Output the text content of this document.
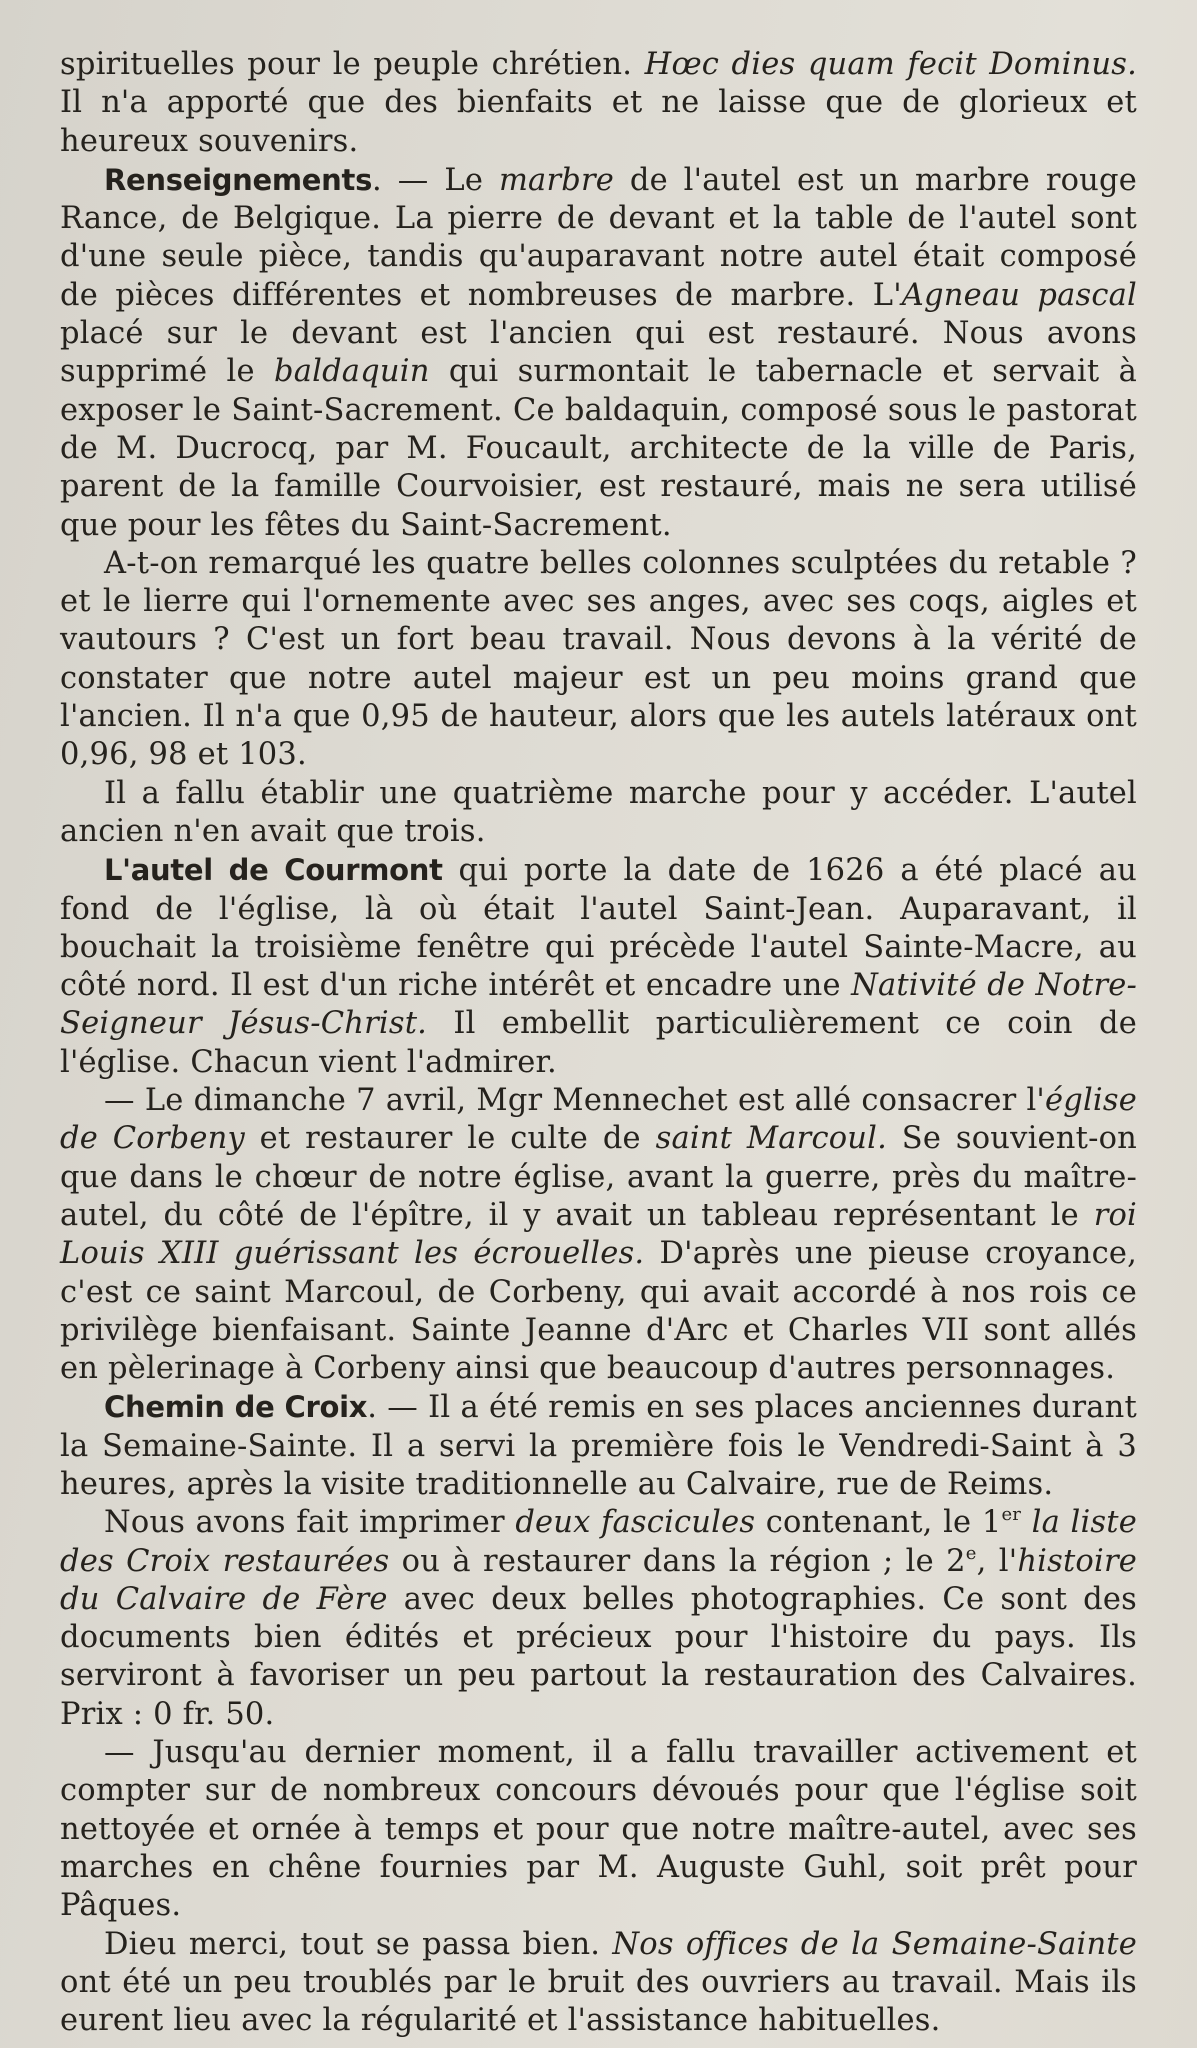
spirituelles pour le peuple chrétien. Hœc dies quam fecit Dominus. Il n'a apporté que des bienfaits et ne laisse que de glorieux et heureux souvenirs.

Renseignements. — Le marbre de l'autel est un marbre rouge Rance, de Belgique. La pierre de devant et la table de l'autel sont d'une seule pièce, tandis qu'auparavant notre autel était composé de pièces différentes et nombreuses de marbre. L'Agneau pascal placé sur le devant est l'ancien qui est restauré. Nous avons supprimé le baldaquin qui surmontait le tabernacle et servait à exposer le Saint-Sacrement. Ce baldaquin, composé sous le pastorat de M. Ducrocq, par M. Foucault, architecte de la ville de Paris, parent de la famille Courvoisier, est restauré, mais ne sera utilisé que pour les fêtes du Saint-Sacrement.

A-t-on remarqué les quatre belles colonnes sculptées du retable ? et le lierre qui l'ornemente avec ses anges, avec ses coqs, aigles et vautours ? C'est un fort beau travail. Nous devons à la vérité de constater que notre autel majeur est un peu moins grand que l'ancien. Il n'a que 0,95 de hauteur, alors que les autels latéraux ont 0,96, 98 et 103.

Il a fallu établir une quatrième marche pour y accéder. L'autel ancien n'en avait que trois.

L'autel de Courmont qui porte la date de 1626 a été placé au fond de l'église, là où était l'autel Saint-Jean. Auparavant, il bouchait la troisième fenêtre qui précède l'autel Sainte-Macre, au côté nord. Il est d'un riche intérêt et encadre une Nativité de Notre-Seigneur Jésus-Christ. Il embellit particulièrement ce coin de l'église. Chacun vient l'admirer.

— Le dimanche 7 avril, Mgr Mennechet est allé consacrer l'église de Corbeny et restaurer le culte de saint Marcoul. Se souvient-on que dans le chœur de notre église, avant la guerre, près du maître-autel, du côté de l'épître, il y avait un tableau représentant le roi Louis XIII guérissant les écrouelles. D'après une pieuse croyance, c'est ce saint Marcoul, de Corbeny, qui avait accordé à nos rois ce privilège bienfaisant. Sainte Jeanne d'Arc et Charles VII sont allés en pèlerinage à Corbeny ainsi que beaucoup d'autres personnages.

Chemin de Croix. — Il a été remis en ses places anciennes durant la Semaine-Sainte. Il a servi la première fois le Vendredi-Saint à 3 heures, après la visite traditionnelle au Calvaire, rue de Reims.

Nous avons fait imprimer deux fascicules contenant, le 1er la liste des Croix restaurées ou à restaurer dans la région ; le 2e, l'histoire du Calvaire de Fère avec deux belles photographies. Ce sont des documents bien édités et précieux pour l'histoire du pays. Ils serviront à favoriser un peu partout la restauration des Calvaires. Prix : 0 fr. 50.

— Jusqu'au dernier moment, il a fallu travailler activement et compter sur de nombreux concours dévoués pour que l'église soit nettoyée et ornée à temps et pour que notre maître-autel, avec ses marches en chêne fournies par M. Auguste Guhl, soit prêt pour Pâques.

Dieu merci, tout se passa bien. Nos offices de la Semaine-Sainte ont été un peu troublés par le bruit des ouvriers au travail. Mais ils eurent lieu avec la régularité et l'assistance habituelles.
